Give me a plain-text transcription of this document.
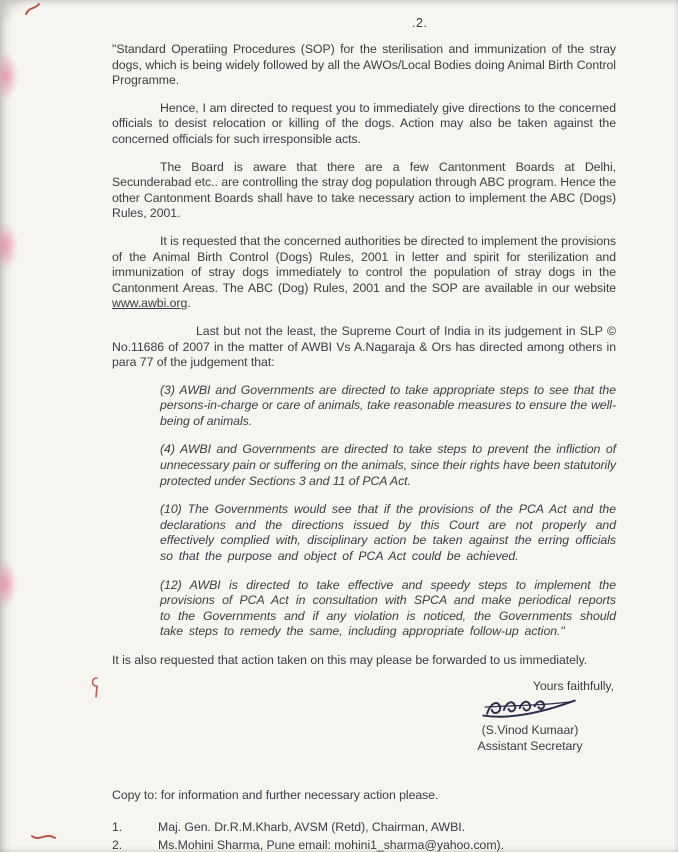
.2.

"Standard Operatiing Procedures (SOP) for the sterilisation and immunization of the stray dogs, which is being widely followed by all the AWOs/Local Bodies doing Animal Birth Control Programme.

Hence, I am directed to request you to immediately give directions to the concerned officials to desist relocation or killing of the dogs. Action may also be taken against the concerned officials for such irresponsible acts.

The Board is aware that there are a few Cantonment Boards at Delhi, Secunderabad etc.. are controlling the stray dog population through ABC program. Hence the other Cantonment Boards shall have to take necessary action to implement the ABC (Dogs) Rules, 2001.

It is requested that the concerned authorities be directed to implement the provisions of the Animal Birth Control (Dogs) Rules, 2001 in letter and spirit for sterilization and immunization of stray dogs immediately to control the population of stray dogs in the Cantonment Areas. The ABC (Dog) Rules, 2001 and the SOP are available in our website www.awbi.org.

Last but not the least, the Supreme Court of India in its judgement in SLP © No.11686 of 2007 in the matter of AWBI Vs A.Nagaraja & Ors has directed among others in para 77 of the judgement that:

(3) AWBI and Governments are directed to take appropriate steps to see that the persons-in-charge or care of animals, take reasonable measures to ensure the well-being of animals.

(4) AWBI and Governments are directed to take steps to prevent the infliction of unnecessary pain or suffering on the animals, since their rights have been statutorily protected under Sections 3 and 11 of PCA Act.

(10) The Governments would see that if the provisions of the PCA Act and the declarations and the directions issued by this Court are not properly and effectively complied with, disciplinary action be taken against the erring officials so that the purpose and object of PCA Act could be achieved.

(12) AWBI is directed to take effective and speedy steps to implement the provisions of PCA Act in consultation with SPCA and make periodical reports to the Governments and if any violation is noticed, the Governments should take steps to remedy the same, including appropriate follow-up action."

It is also requested that action taken on this may please be forwarded to us immediately.

Yours faithfully,
(S.Vinod Kumaar)
Assistant Secretary
Copy to: for information and further necessary action please.
1.	Maj. Gen. Dr.R.M.Kharb, AVSM (Retd), Chairman, AWBI.
2.	Ms.Mohini Sharma, Pune email: mohini1_sharma@yahoo.com).
